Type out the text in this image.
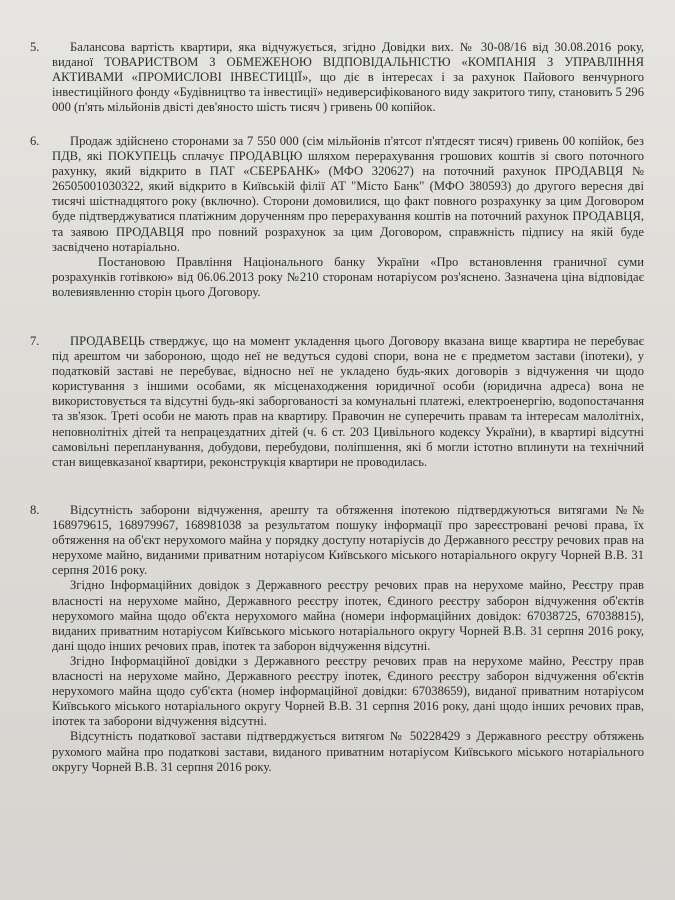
5.	Балансова вартість квартири, яка відчужується, згідно Довідки вих. № 30-08/16 від 30.08.2016 року, виданої ТОВАРИСТВОМ З ОБМЕЖЕНОЮ ВІДПОВІДАЛЬНІСТЮ «КОМПАНІЯ З УПРАВЛІННЯ АКТИВАМИ «ПРОМИСЛОВІ ІНВЕСТИЦІЇ», що діє в інтересах і за рахунок Пайового венчурного інвестиційного фонду «Будівництво та інвестиції» недиверсифікованого виду закритого типу, становить 5 296 000 (п'ять мільйонів двісті дев'яносто шість тисяч ) гривень 00 копійок.

6.	Продаж здійснено сторонами за 7 550 000 (сім мільйонів п'ятсот п'ятдесят тисяч) гривень 00 копійок, без ПДВ, які ПОКУПЕЦЬ сплачує ПРОДАВЦЮ шляхом перерахування грошових коштів зі свого поточного рахунку, який відкрито в ПАТ «СБЕРБАНК» (МФО 320627) на поточний рахунок ПРОДАВЦЯ № 26505001030322, який відкрито в Київській філії АТ "Місто Банк" (МФО 380593) до другого вересня дві тисячі шістнадцятого року (включно). Сторони домовилися, що факт повного розрахунку за цим Договором буде підтверджуватися платіжним дорученням про перерахування коштів на поточний рахунок ПРОДАВЦЯ, та заявою ПРОДАВЦЯ про повний розрахунок за цим Договором, справжність підпису на якій буде засвідчено нотаріально.

Постановою Правління Національного банку України «Про встановлення граничної суми розрахунків готівкою» від 06.06.2013 року №210 сторонам нотаріусом роз'яснено. Зазначена ціна відповідає волевиявленню сторін цього Договору.

7.	ПРОДАВЕЦЬ стверджує, що на момент укладення цього Договору вказана вище квартира не перебуває під арештом чи забороною, щодо неї не ведуться судові спори, вона не є предметом застави (іпотеки), у податковій заставі не перебуває, відносно неї не укладено будь-яких договорів з відчуження чи щодо користування з іншими особами, як місценаходження юридичної особи (юридична адреса) вона не використовується та відсутні будь-які заборгованості за комунальні платежі, електроенергію, водопостачання та зв'язок. Треті особи не мають прав на квартиру. Правочин не суперечить правам та інтересам малолітніх, неповнолітніх дітей та непрацездатних дітей (ч. 6 ст. 203 Цивільного кодексу України), в квартирі відсутні самовільні перепланування, добудови, перебудови, поліпшення, які б могли істотно вплинути на технічний стан вищевказаної квартири, реконструкція квартири не проводилась.

8.	Відсутність заборони відчуження, арешту та обтяження іпотекою підтверджуються витягами №№ 168979615, 168979967, 168981038 за результатом пошуку інформації про зареєстровані речові права, їх обтяження на об'єкт нерухомого майна у порядку доступу нотаріусів до Державного реєстру речових прав на нерухоме майно, виданими приватним нотаріусом Київського міського нотаріального округу Чорней В.В. 31 серпня 2016 року.

Згідно Інформаційних довідок з Державного реєстру речових прав на нерухоме майно, Реєстру прав власності на нерухоме майно, Державного реєстру іпотек, Єдиного реєстру заборон відчуження об'єктів нерухомого майна щодо об'єкта нерухомого майна (номери інформаційних довідок: 67038725, 67038815), виданих приватним нотаріусом Київського міського нотаріального округу Чорней В.В. 31 серпня 2016 року, дані щодо інших речових прав, іпотек та заборон відчуження відсутні.

Згідно Інформаційної довідки з Державного реєстру речових прав на нерухоме майно, Реєстру прав власності на нерухоме майно, Державного реєстру іпотек, Єдиного реєстру заборон відчуження об'єктів нерухомого майна щодо суб'єкта (номер інформаційної довідки: 67038659), виданої приватним нотаріусом Київського міського нотаріального округу Чорней В.В. 31 серпня 2016 року, дані щодо інших речових прав, іпотек та заборони відчуження відсутні.

Відсутність податкової застави підтверджується витягом № 50228429 з Державного реєстру обтяжень рухомого майна про податкові застави, виданого приватним нотаріусом Київського міського нотаріального округу Чорней В.В. 31 серпня 2016 року.
